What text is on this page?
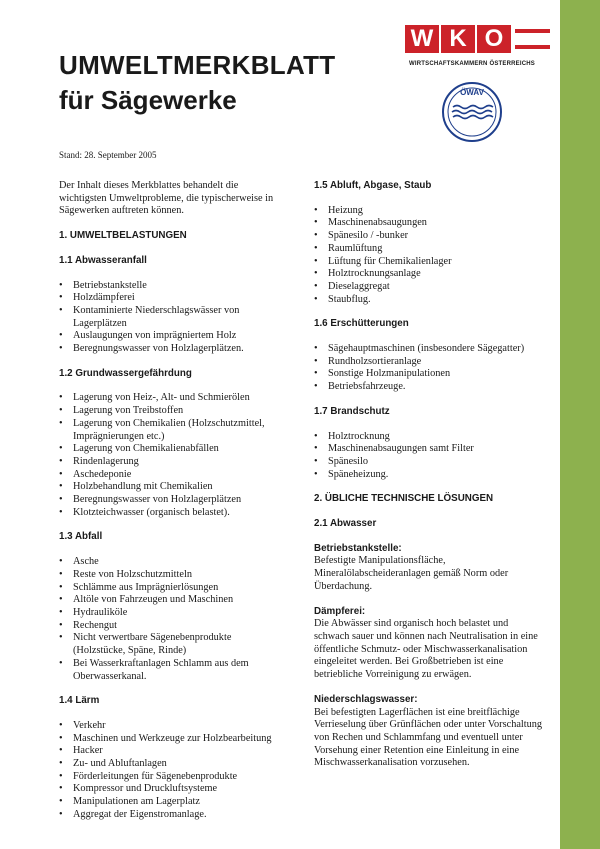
W K O
WIRTSCHAFTSKAMMERN ÖSTERREICHS
ÖWAV
UMWELTMERKBLATT
für Sägewerke
Stand: 28. September 2005

Der Inhalt dieses Merkblattes behandelt die wichtigsten Umweltprobleme, die typischerweise in Sägewerken auftreten können.

1. UMWELTBELASTUNGEN
1.1 Abwasseranfall
• Betriebstankstelle
• Holzdämpferei
• Kontaminierte Niederschlagswässer von Lagerplätzen
• Auslaugungen von imprägniertem Holz
• Beregnungswasser von Holzlagerplätzen.
1.2 Grundwassergefährdung
• Lagerung von Heiz-, Alt- und Schmierölen
• Lagerung von Treibstoffen
• Lagerung von Chemikalien (Holzschutzmittel, Imprägnierungen etc.)
• Lagerung von Chemikalienabfällen
• Rindenlagerung
• Aschedeponie
• Holzbehandlung mit Chemikalien
• Beregnungswasser von Holzlagerplätzen
• Klotzteichwasser (organisch belastet).
1.3 Abfall
• Asche
• Reste von Holzschutzmitteln
• Schlämme aus Imprägnierlösungen
• Altöle von Fahrzeugen und Maschinen
• Hydrauliköle
• Rechengut
• Nicht verwertbare Sägenebenprodukte (Holzstücke, Späne, Rinde)
• Bei Wasserkraftanlagen Schlamm aus dem Oberwasserkanal.
1.4 Lärm
• Verkehr
• Maschinen und Werkzeuge zur Holzbearbeitung
• Hacker
• Zu- und Abluftanlagen
• Förderleitungen für Sägenebenprodukte
• Kompressor und Druckluftsysteme
• Manipulationen am Lagerplatz
• Aggregat der Eigenstromanlage.
1.5 Abluft, Abgase, Staub
• Heizung
• Maschinenabsaugungen
• Spänesilo / -bunker
• Raumlüftung
• Lüftung für Chemikalienlager
• Holztrocknungsanlage
• Dieselaggregat
• Staubflug.
1.6 Erschütterungen
• Sägehauptmaschinen (insbesondere Sägegatter)
• Rundholzsortieranlage
• Sonstige Holzmanipulationen
• Betriebsfahrzeuge.
1.7 Brandschutz
• Holztrocknung
• Maschinenabsaugungen samt Filter
• Spänesilo
• Späneheizung.
2. ÜBLICHE TECHNISCHE LÖSUNGEN
2.1 Abwasser

Betriebstankstelle:
Befestigte Manipulationsfläche, Mineralölabscheideranlagen gemäß Norm oder Überdachung.

Dämpferei:
Die Abwässer sind organisch hoch belastet und schwach sauer und können nach Neutralisation in eine öffentliche Schmutz- oder Mischwasserkanalisation eingeleitet werden. Bei Großbetrieben ist eine betriebliche Vorreinigung zu erwägen.

Niederschlagswasser:
Bei befestigten Lagerflächen ist eine breitflächige Verrieselung über Grünflächen oder unter Vorschaltung von Rechen und Schlammfang und eventuell unter Vorsehung einer Retention eine Einleitung in eine Mischwasserkanalisation vorzusehen.
